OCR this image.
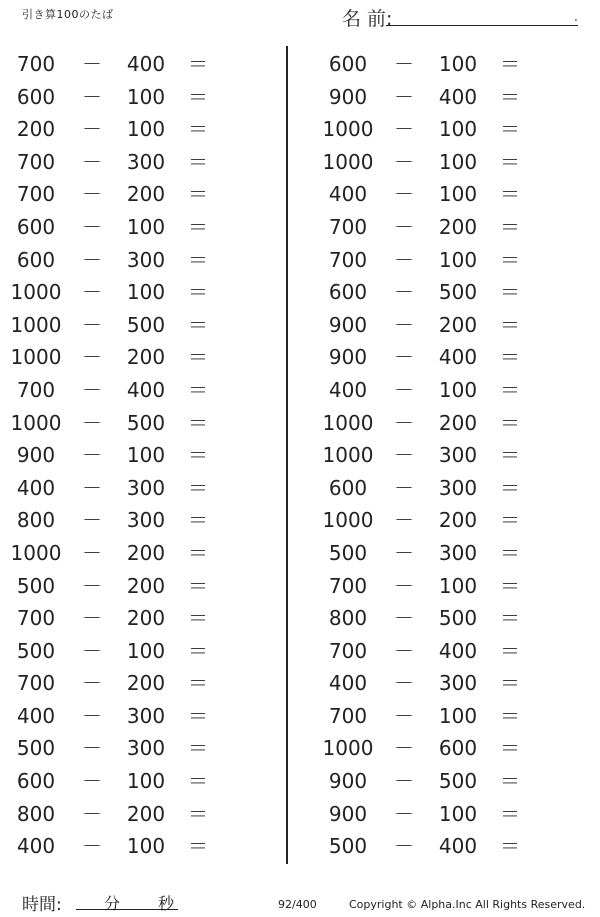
引き算100のたば	名 前:	.
700	－	400	＝
600	－	100	＝
200	－	100	＝
700	－	300	＝
700	－	200	＝
600	－	100	＝
600	－	300	＝
1000 －	100	＝
1000 －	500	＝
1000 －	200	＝
700	－	400	＝
1000 －	500	＝
900	－	100	＝
400	－	300	＝
800	－	300	＝
1000 －	200	＝
500	－	200	＝
700	－	200	＝
500	－	100	＝
700	－	200	＝
400	－	300	＝
500	－	300	＝
600	－	100	＝
800	－	200	＝
400	－	100	＝
600	－	100	＝
900	－	400	＝
1000 －	100	＝
1000 －	100	＝
400	－	100	＝
700	－	200	＝
700	－	100	＝
600	－	500	＝
900	－	200	＝
900	－	400	＝
400	－	100	＝
1000 －	200	＝
1000 －	300	＝
600	－	300	＝
1000 －	200	＝
500	－	300	＝
700	－	100	＝
800	－	500	＝
700	－	400	＝
400	－	300	＝
700	－	100	＝
1000 －	600	＝
900	－	500	＝
900	－	100	＝
500	－	400	＝
時間:	分 秒	92/400	Copyright © Alpha.Inc All Rights Reserved.
